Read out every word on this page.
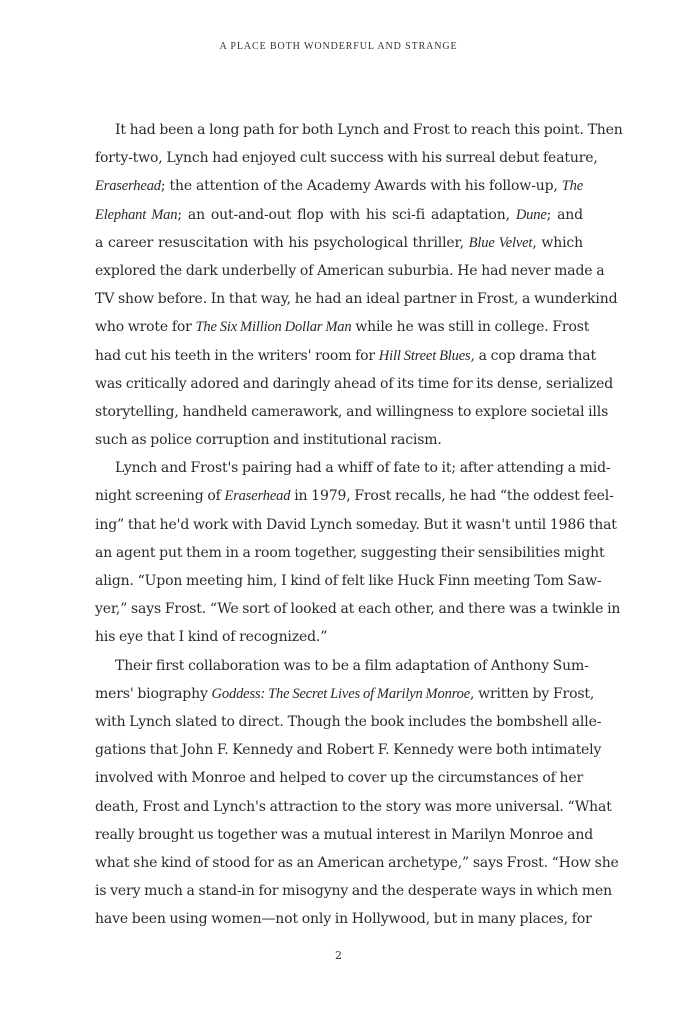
A PLACE BOTH WONDERFUL AND STRANGE
It had been a long path for both Lynch and Frost to reach this point. Then
forty-two, Lynch had enjoyed cult success with his surreal debut feature,
Eraserhead; the attention of the Academy Awards with his follow-up, The
Elephant Man; an out-and-out flop with his sci-fi adaptation, Dune; and
a career resuscitation with his psychological thriller, Blue Velvet, which
explored the dark underbelly of American suburbia. He had never made a
TV show before. In that way, he had an ideal partner in Frost, a wunderkind
who wrote for The Six Million Dollar Man while he was still in college. Frost
had cut his teeth in the writers' room for Hill Street Blues, a cop drama that
was critically adored and daringly ahead of its time for its dense, serialized
storytelling, handheld camerawork, and willingness to explore societal ills
such as police corruption and institutional racism.
Lynch and Frost's pairing had a whiff of fate to it; after attending a mid-
night screening of Eraserhead in 1979, Frost recalls, he had “the oddest feel-
ing” that he'd work with David Lynch someday. But it wasn't until 1986 that
an agent put them in a room together, suggesting their sensibilities might
align. “Upon meeting him, I kind of felt like Huck Finn meeting Tom Saw-
yer,” says Frost. “We sort of looked at each other, and there was a twinkle in
his eye that I kind of recognized.”
Their first collaboration was to be a film adaptation of Anthony Sum-
mers' biography Goddess: The Secret Lives of Marilyn Monroe, written by Frost,
with Lynch slated to direct. Though the book includes the bombshell alle-
gations that John F. Kennedy and Robert F. Kennedy were both intimately
involved with Monroe and helped to cover up the circumstances of her
death, Frost and Lynch's attraction to the story was more universal. “What
really brought us together was a mutual interest in Marilyn Monroe and
what she kind of stood for as an American archetype,” says Frost. “How she
is very much a stand-in for misogyny and the desperate ways in which men
have been using women—not only in Hollywood, but in many places, for
2
